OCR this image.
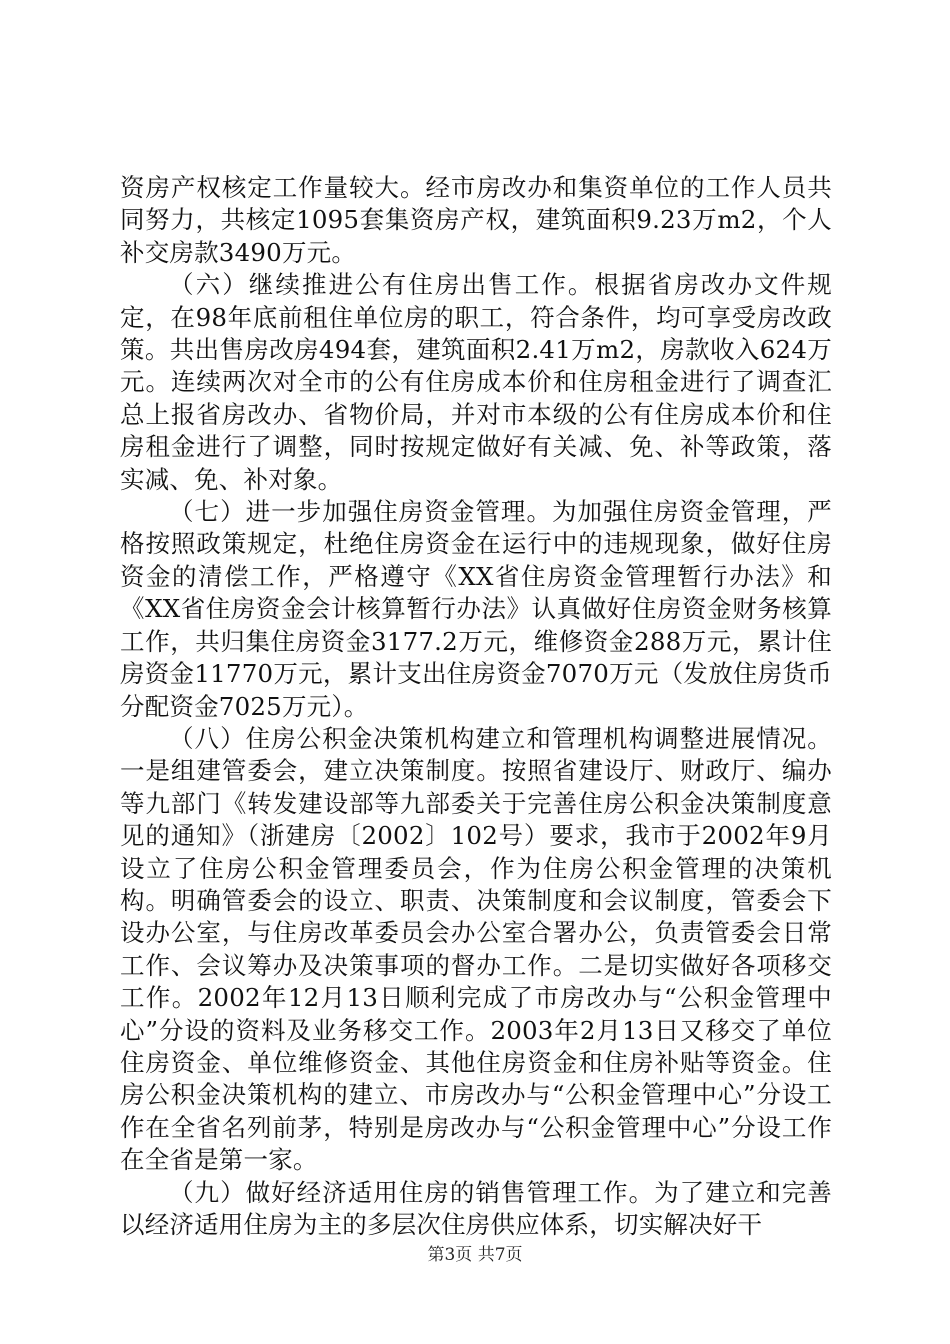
资房产权核定工作量较大。经市房改办和集资单位的工作人员共同努力，共核定1095套集资房产权，建筑面积9.23万m2，个人补交房款3490万元。

（六）继续推进公有住房出售工作。根据省房改办文件规定，在98年底前租住单位房的职工，符合条件，均可享受房改政策。共出售房改房494套，建筑面积2.41万m2，房款收入624万元。连续两次对全市的公有住房成本价和住房租金进行了调查汇总上报省房改办、省物价局，并对市本级的公有住房成本价和住房租金进行了调整，同时按规定做好有关减、免、补等政策，落实减、免、补对象。

（七）进一步加强住房资金管理。为加强住房资金管理，严格按照政策规定，杜绝住房资金在运行中的违规现象，做好住房资金的清偿工作，严格遵守《XX省住房资金管理暂行办法》和《XX省住房资金会计核算暂行办法》认真做好住房资金财务核算工作，共归集住房资金3177.2万元，维修资金288万元，累计住房资金11770万元，累计支出住房资金7070万元（发放住房货币分配资金7025万元）。

（八）住房公积金决策机构建立和管理机构调整进展情况。一是组建管委会，建立决策制度。按照省建设厅、财政厅、编办等九部门《转发建设部等九部委关于完善住房公积金决策制度意见的通知》（浙建房〔2002〕102号）要求，我市于2002年9月设立了住房公积金管理委员会，作为住房公积金管理的决策机构。明确管委会的设立、职责、决策制度和会议制度，管委会下设办公室，与住房改革委员会办公室合署办公，负责管委会日常工作、会议筹办及决策事项的督办工作。二是切实做好各项移交工作。2002年12月13日顺利完成了市房改办与“公积金管理中心”分设的资料及业务移交工作。2003年2月13日又移交了单位住房资金、单位维修资金、其他住房资金和住房补贴等资金。住房公积金决策机构的建立、市房改办与“公积金管理中心”分设工作在全省名列前茅，特别是房改办与“公积金管理中心”分设工作在全省是第一家。

（九）做好经济适用住房的销售管理工作。为了建立和完善以经济适用住房为主的多层次住房供应体系，切实解决好干

第3页 共7页
